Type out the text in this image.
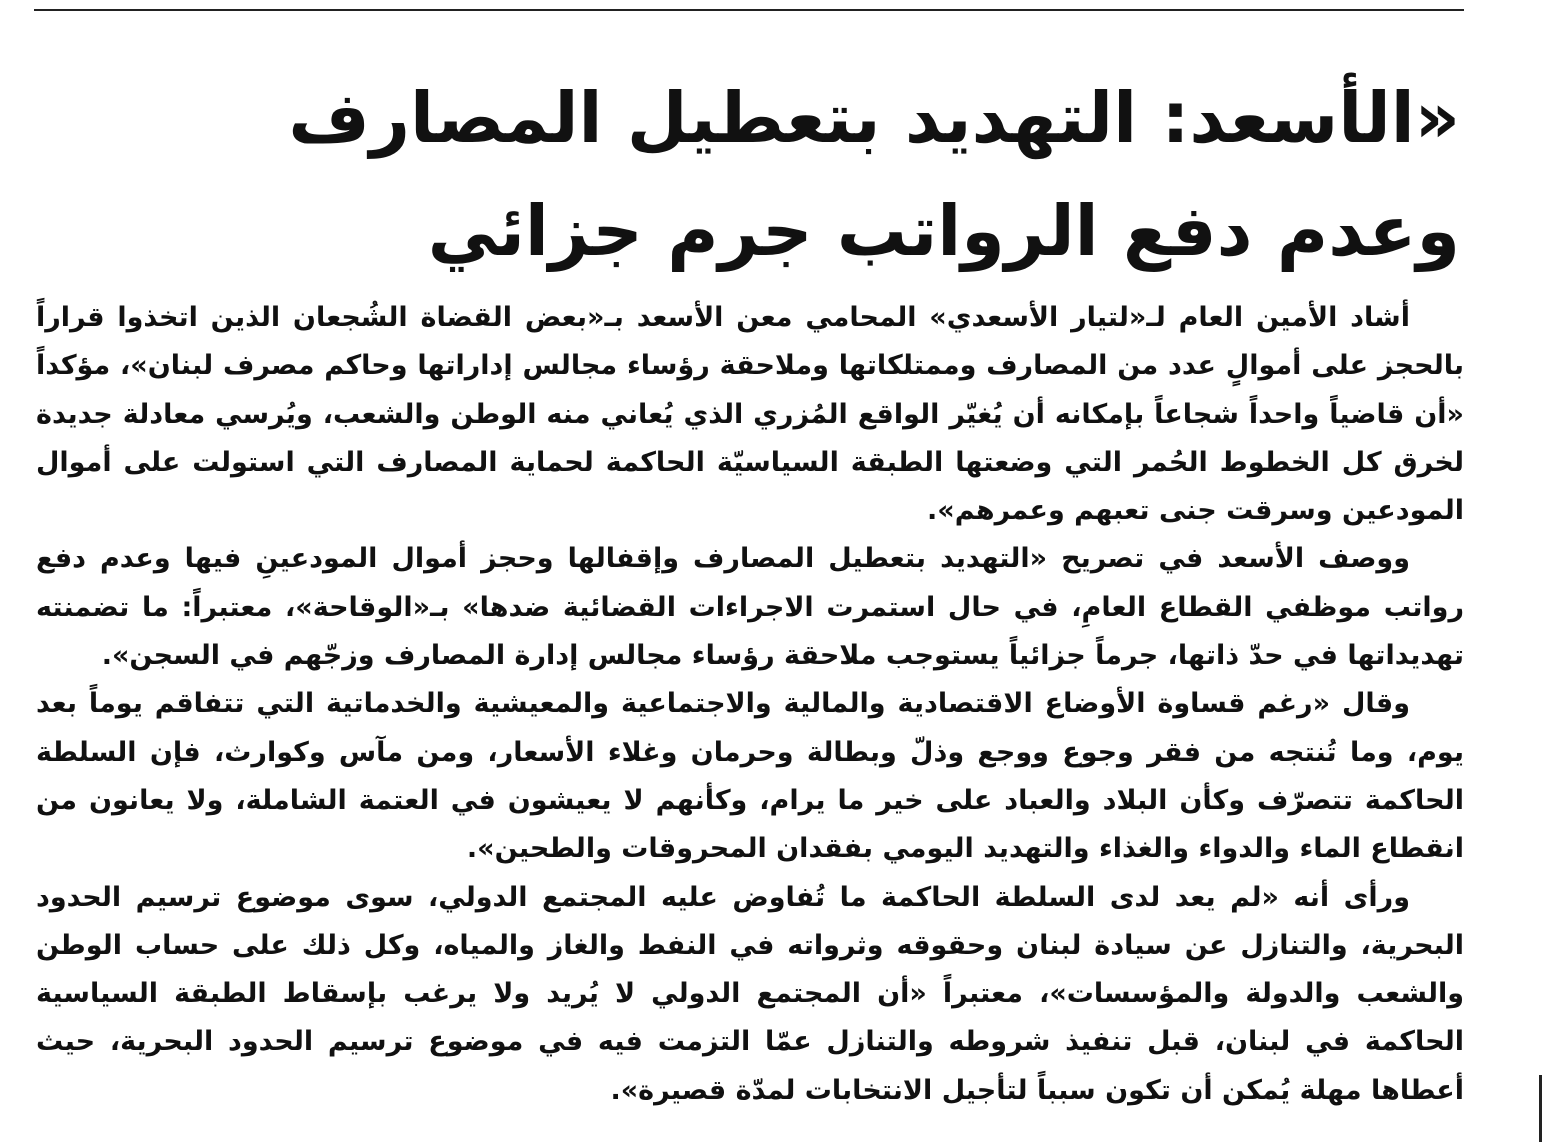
«الأسعد: التهديد بتعطيل المصارف
وعدم دفع الرواتب جرم جزائي

أشاد الأمين العام لـ«لتيار الأسعدي» المحامي معن الأسعد بـ«بعض القضاة الشُجعان الذين اتخذوا قراراً بالحجز على أموالٍ عدد من المصارف وممتلكاتها وملاحقة رؤساء مجالس إداراتها وحاكم مصرف لبنان»، مؤكداً «أن قاضياً واحداً شجاعاً بإمكانه أن يُغيّر الواقع المُزري الذي يُعاني منه الوطن والشعب، ويُرسي معادلة جديدة لخرق كل الخطوط الحُمر التي وضعتها الطبقة السياسيّة الحاكمة لحماية المصارف التي استولت على أموال المودعين وسرقت جنى تعبهم وعمرهم».

ووصف الأسعد في تصريح «التهديد بتعطيل المصارف وإقفالها وحجز أموال المودعينِ فيها وعدم دفع رواتب موظفي القطاع العامِ، في حال استمرت الاجراءات القضائية ضدها» بـ«الوقاحة»، معتبراً: ما تضمنته تهديداتها في حدّ ذاتها، جرماً جزائياً يستوجب ملاحقة رؤساء مجالس إدارة المصارف وزجّهم في السجن».

وقال «رغم قساوة الأوضاع الاقتصادية والمالية والاجتماعية والمعيشية والخدماتية التي تتفاقم يوماً بعد يوم، وما تُنتجه من فقر وجوع ووجع وذلّ وبطالة وحرمان وغلاء الأسعار، ومن مآس وكوارث، فإن السلطة الحاكمة تتصرّف وكأن البلاد والعباد على خير ما يرام، وكأنهم لا يعيشون في العتمة الشاملة، ولا يعانون من انقطاع الماء والدواء والغذاء والتهديد اليومي بفقدان المحروقات والطحين».

ورأى أنه «لم يعد لدى السلطة الحاكمة ما تُفاوض عليه المجتمع الدولي، سوى موضوع ترسيم الحدود البحرية، والتنازل عن سيادة لبنان وحقوقه وثرواته في النفط والغاز والمياه، وكل ذلك على حساب الوطن والشعب والدولة والمؤسسات»، معتبراً «أن المجتمع الدولي لا يُريد ولا يرغب بإسقاط الطبقة السياسية الحاكمة في لبنان، قبل تنفيذ شروطه والتنازل عمّا التزمت فيه في موضوع ترسيم الحدود البحرية، حيث أعطاها مهلة يُمكن أن تكون سبباً لتأجيل الانتخابات لمدّة قصيرة».
